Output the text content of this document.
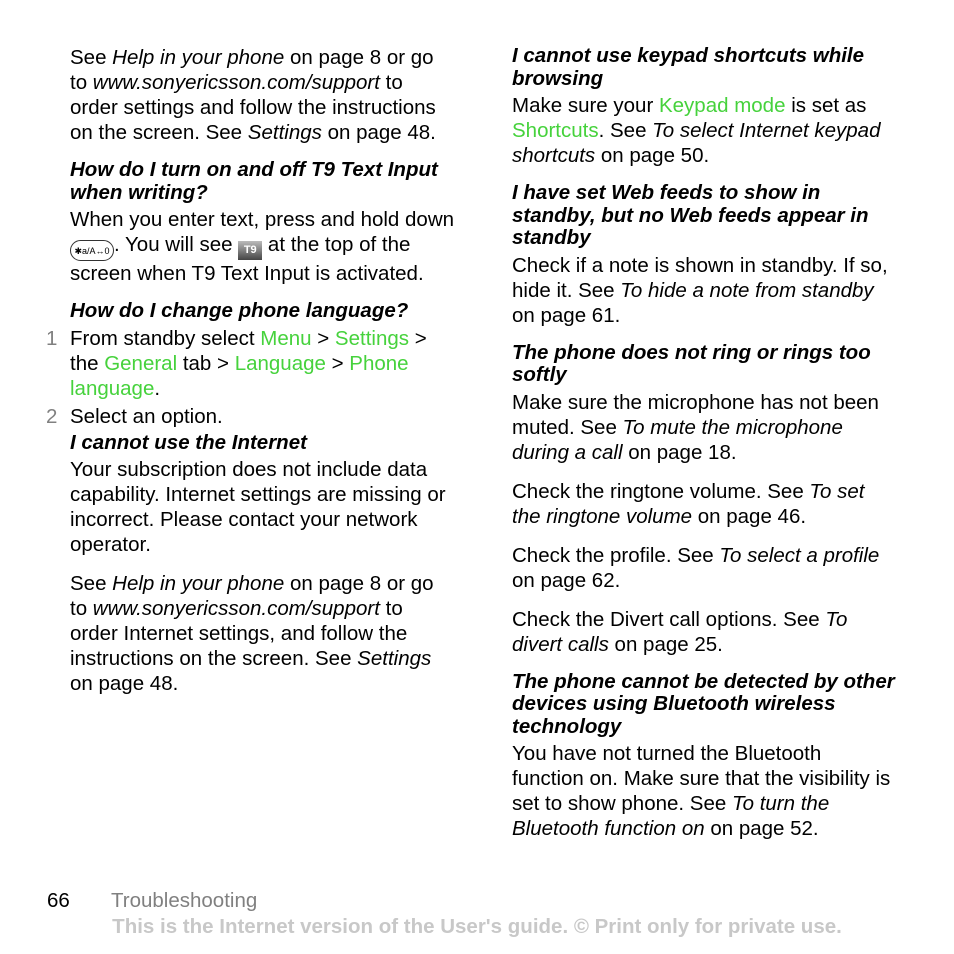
See Help in your phone on page 8 or go to www.sonyericsson.com/support to order settings and follow the instructions on the screen. See Settings on page 48.

How do I turn on and off T9 Text Input when writing?

When you enter text, press and hold down ✱a/A↔0 . You will see T9 at the top of the screen when T9 Text Input is activated.

How do I change phone language?

1 From standby select Menu > Settings > the General tab > Language > Phone language.
2 Select an option.

I cannot use the Internet

Your subscription does not include data capability. Internet settings are missing or incorrect. Please contact your network operator.

See Help in your phone on page 8 or go to www.sonyericsson.com/support to order Internet settings, and follow the instructions on the screen. See Settings on page 48.

I cannot use keypad shortcuts while browsing

Make sure your Keypad mode is set as Shortcuts. See To select Internet keypad shortcuts on page 50.

I have set Web feeds to show in standby, but no Web feeds appear in standby

Check if a note is shown in standby. If so, hide it. See To hide a note from standby on page 61.

The phone does not ring or rings too softly

Make sure the microphone has not been muted. See To mute the microphone during a call on page 18.

Check the ringtone volume. See To set the ringtone volume on page 46.

Check the profile. See To select a profile on page 62.

Check the Divert call options. See To divert calls on page 25.

The phone cannot be detected by other devices using Bluetooth wireless technology

You have not turned the Bluetooth function on. Make sure that the visibility is set to show phone. See To turn the Bluetooth function on on page 52.

66 Troubleshooting
This is the Internet version of the User's guide. © Print only for private use.
